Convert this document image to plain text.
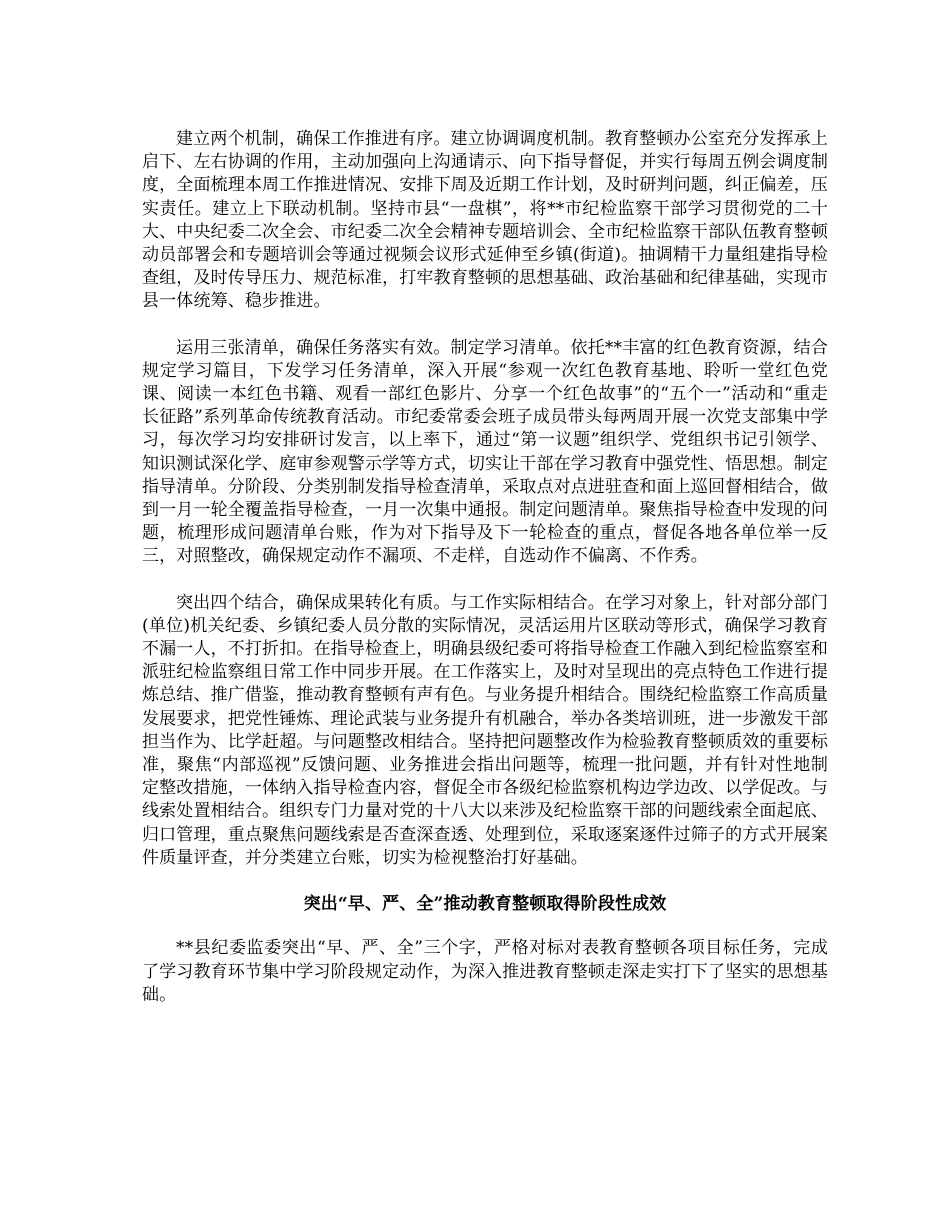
建立两个机制，确保工作推进有序。建立协调调度机制。教育整顿办公室充分发挥承上启下、左右协调的作用，主动加强向上沟通请示、向下指导督促，并实行每周五例会调度制度，全面梳理本周工作推进情况、安排下周及近期工作计划，及时研判问题，纠正偏差，压实责任。建立上下联动机制。坚持市县“一盘棋”，将**市纪检监察干部学习贯彻党的二十大、中央纪委二次全会、市纪委二次全会精神专题培训会、全市纪检监察干部队伍教育整顿动员部署会和专题培训会等通过视频会议形式延伸至乡镇(街道)。抽调精干力量组建指导检查组，及时传导压力、规范标准，打牢教育整顿的思想基础、政治基础和纪律基础，实现市县一体统筹、稳步推进。

运用三张清单，确保任务落实有效。制定学习清单。依托**丰富的红色教育资源，结合规定学习篇目，下发学习任务清单，深入开展“参观一次红色教育基地、聆听一堂红色党课、阅读一本红色书籍、观看一部红色影片、分享一个红色故事”的“五个一”活动和“重走长征路”系列革命传统教育活动。市纪委常委会班子成员带头每两周开展一次党支部集中学习，每次学习均安排研讨发言，以上率下，通过“第一议题”组织学、党组织书记引领学、知识测试深化学、庭审参观警示学等方式，切实让干部在学习教育中强党性、悟思想。制定指导清单。分阶段、分类别制发指导检查清单，采取点对点进驻查和面上巡回督相结合，做到一月一轮全覆盖指导检查，一月一次集中通报。制定问题清单。聚焦指导检查中发现的问题，梳理形成问题清单台账，作为对下指导及下一轮检查的重点，督促各地各单位举一反三，对照整改，确保规定动作不漏项、不走样，自选动作不偏离、不作秀。

突出四个结合，确保成果转化有质。与工作实际相结合。在学习对象上，针对部分部门(单位)机关纪委、乡镇纪委人员分散的实际情况，灵活运用片区联动等形式，确保学习教育不漏一人，不打折扣。在指导检查上，明确县级纪委可将指导检查工作融入到纪检监察室和派驻纪检监察组日常工作中同步开展。在工作落实上，及时对呈现出的亮点特色工作进行提炼总结、推广借鉴，推动教育整顿有声有色。与业务提升相结合。围绕纪检监察工作高质量发展要求，把党性锤炼、理论武装与业务提升有机融合，举办各类培训班，进一步激发干部担当作为、比学赶超。与问题整改相结合。坚持把问题整改作为检验教育整顿质效的重要标准，聚焦“内部巡视”反馈问题、业务推进会指出问题等，梳理一批问题，并有针对性地制定整改措施，一体纳入指导检查内容，督促全市各级纪检监察机构边学边改、以学促改。与线索处置相结合。组织专门力量对党的十八大以来涉及纪检监察干部的问题线索全面起底、归口管理，重点聚焦问题线索是否查深查透、处理到位，采取逐案逐件过筛子的方式开展案件质量评查，并分类建立台账，切实为检视整治打好基础。

突出“早、严、全”推动教育整顿取得阶段性成效

**县纪委监委突出“早、严、全”三个字，严格对标对表教育整顿各项目标任务，完成了学习教育环节集中学习阶段规定动作，为深入推进教育整顿走深走实打下了坚实的思想基础。
